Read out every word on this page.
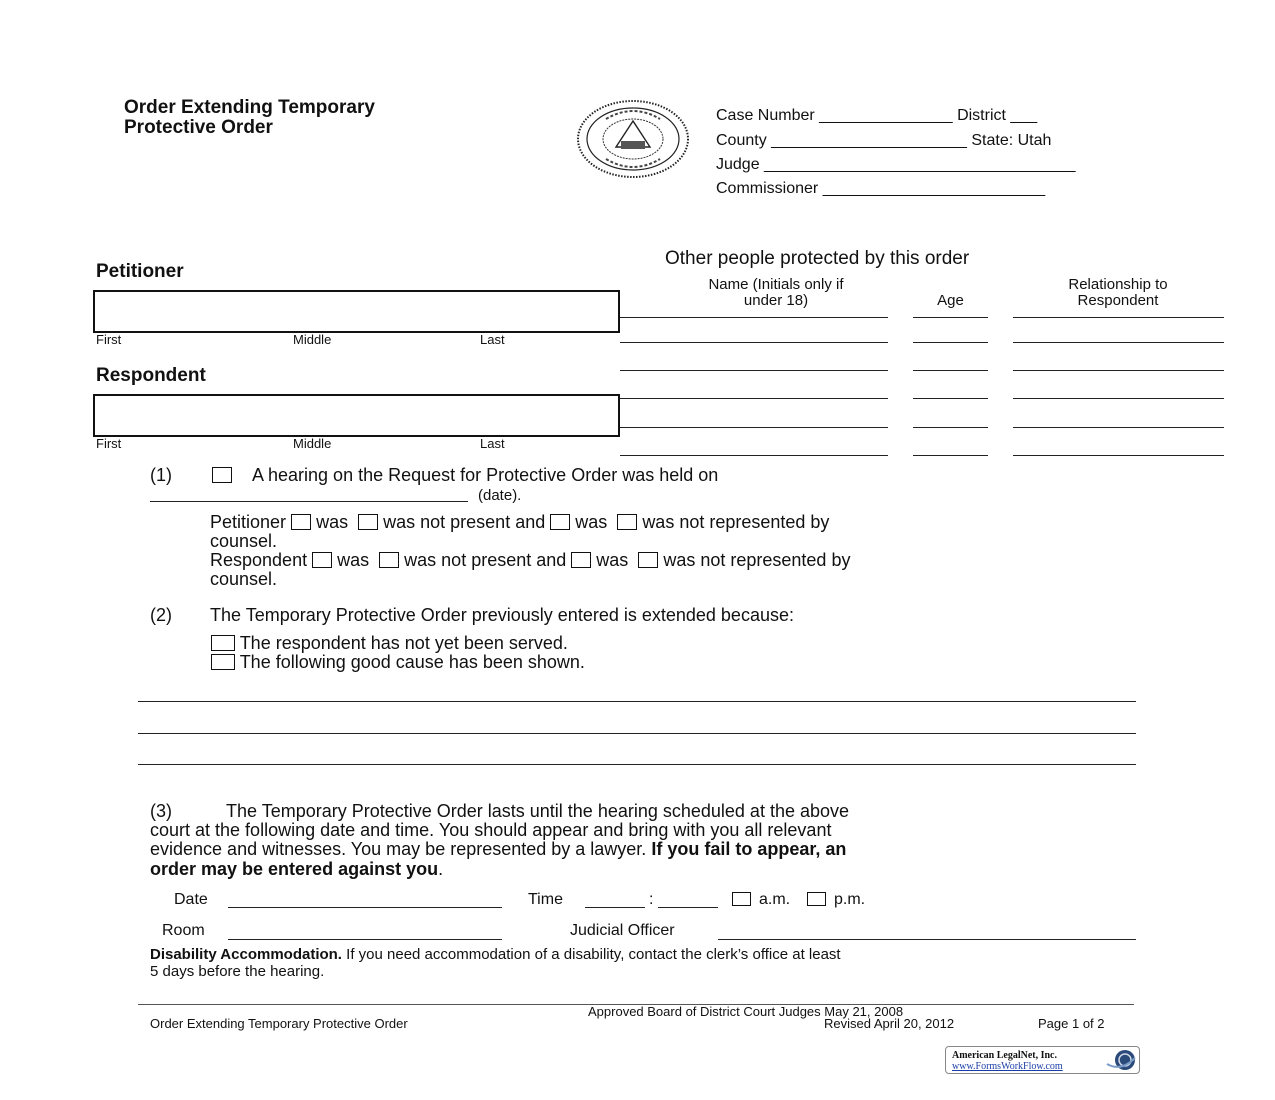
Order Extending Temporary
Protective Order
Case Number _______________ District ___
County ______________________ State: Utah
Judge ___________________________________
Commissioner _________________________
Petitioner
First	Middle	Last
Respondent
First	Middle	Last
Other people protected by this order
Name (Initials only if
under 18)	Age
Relationship to
Respondent
(1)	A hearing on the Request for Protective Order was held on
(date).
Petitioner was was not present and was was not represented by
counsel.
Respondent was was not present and was was not represented by
counsel.
(2) The Temporary Protective Order previously entered is extended because:
The respondent has not yet been served.
The following good cause has been shown.
(3)	The Temporary Protective Order lasts until the hearing scheduled at the above
court at the following date and time. You should appear and bring with you all relevant
evidence and witnesses. You may be represented by a lawyer. If you fail to appear, an
order may be entered against you.
Date	Time	:	a.m.	p.m.
Room	Judicial Officer
Disability Accommodation. If you need accommodation of a disability, contact the clerk’s office at least
5 days before the hearing.
Approved Board of District Court Judges May 21, 2008
Order Extending Temporary Protective Order	Revised April 20, 2012	Page 1 of 2
American LegalNet, Inc.
www.FormsWorkFlow.com
